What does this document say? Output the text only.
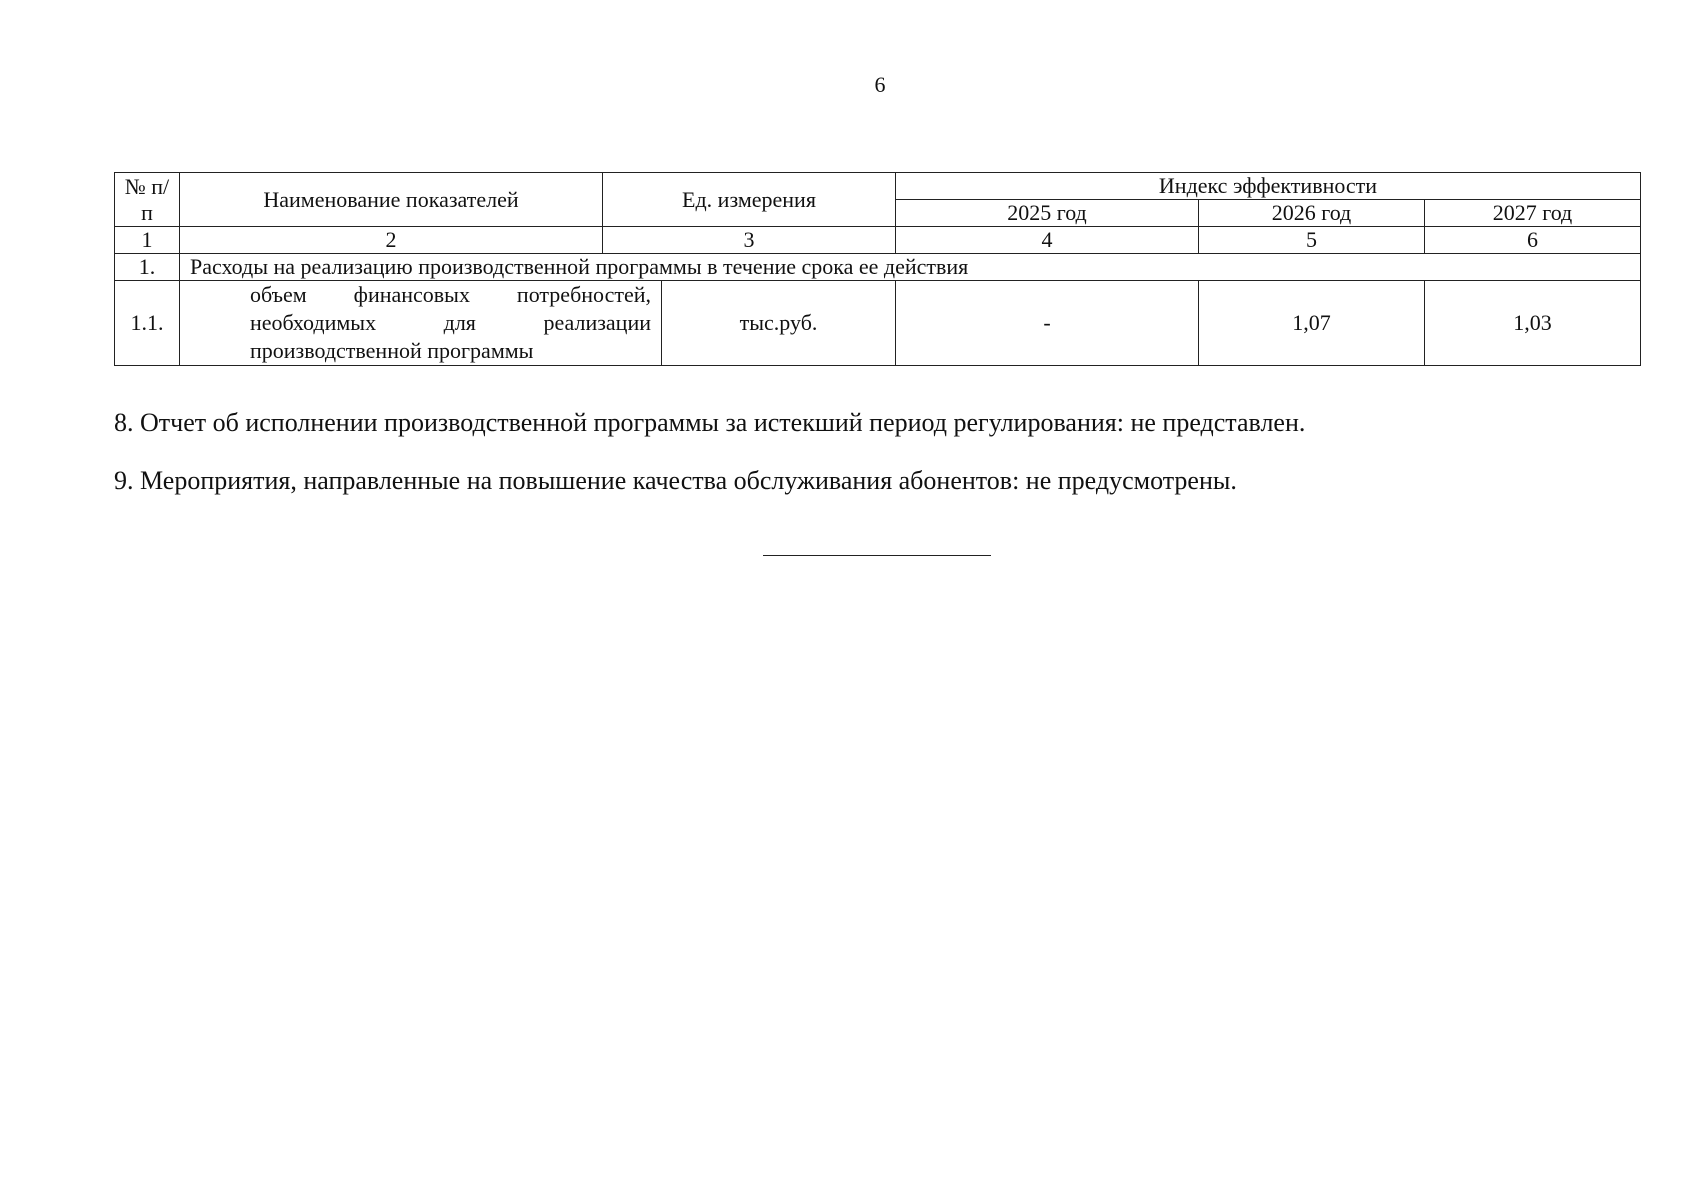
6
№ п/п	Наименование показателей	Ед. измерения		Индекс эффективности		
				2025 год	2026 год	2027 год
1	2	3		4	5	6
1.	Расходы на реализацию производственной программы в течение срока ее действия					
1.1.	объем финансовых потребностей, необходимых для реализации производственной программы		тыс.руб.	-	1,07	1,03
8. Отчет об исполнении производственной программы за истекший период регулирования: не представлен.
9. Мероприятия, направленные на повышение качества обслуживания абонентов: не предусмотрены.
